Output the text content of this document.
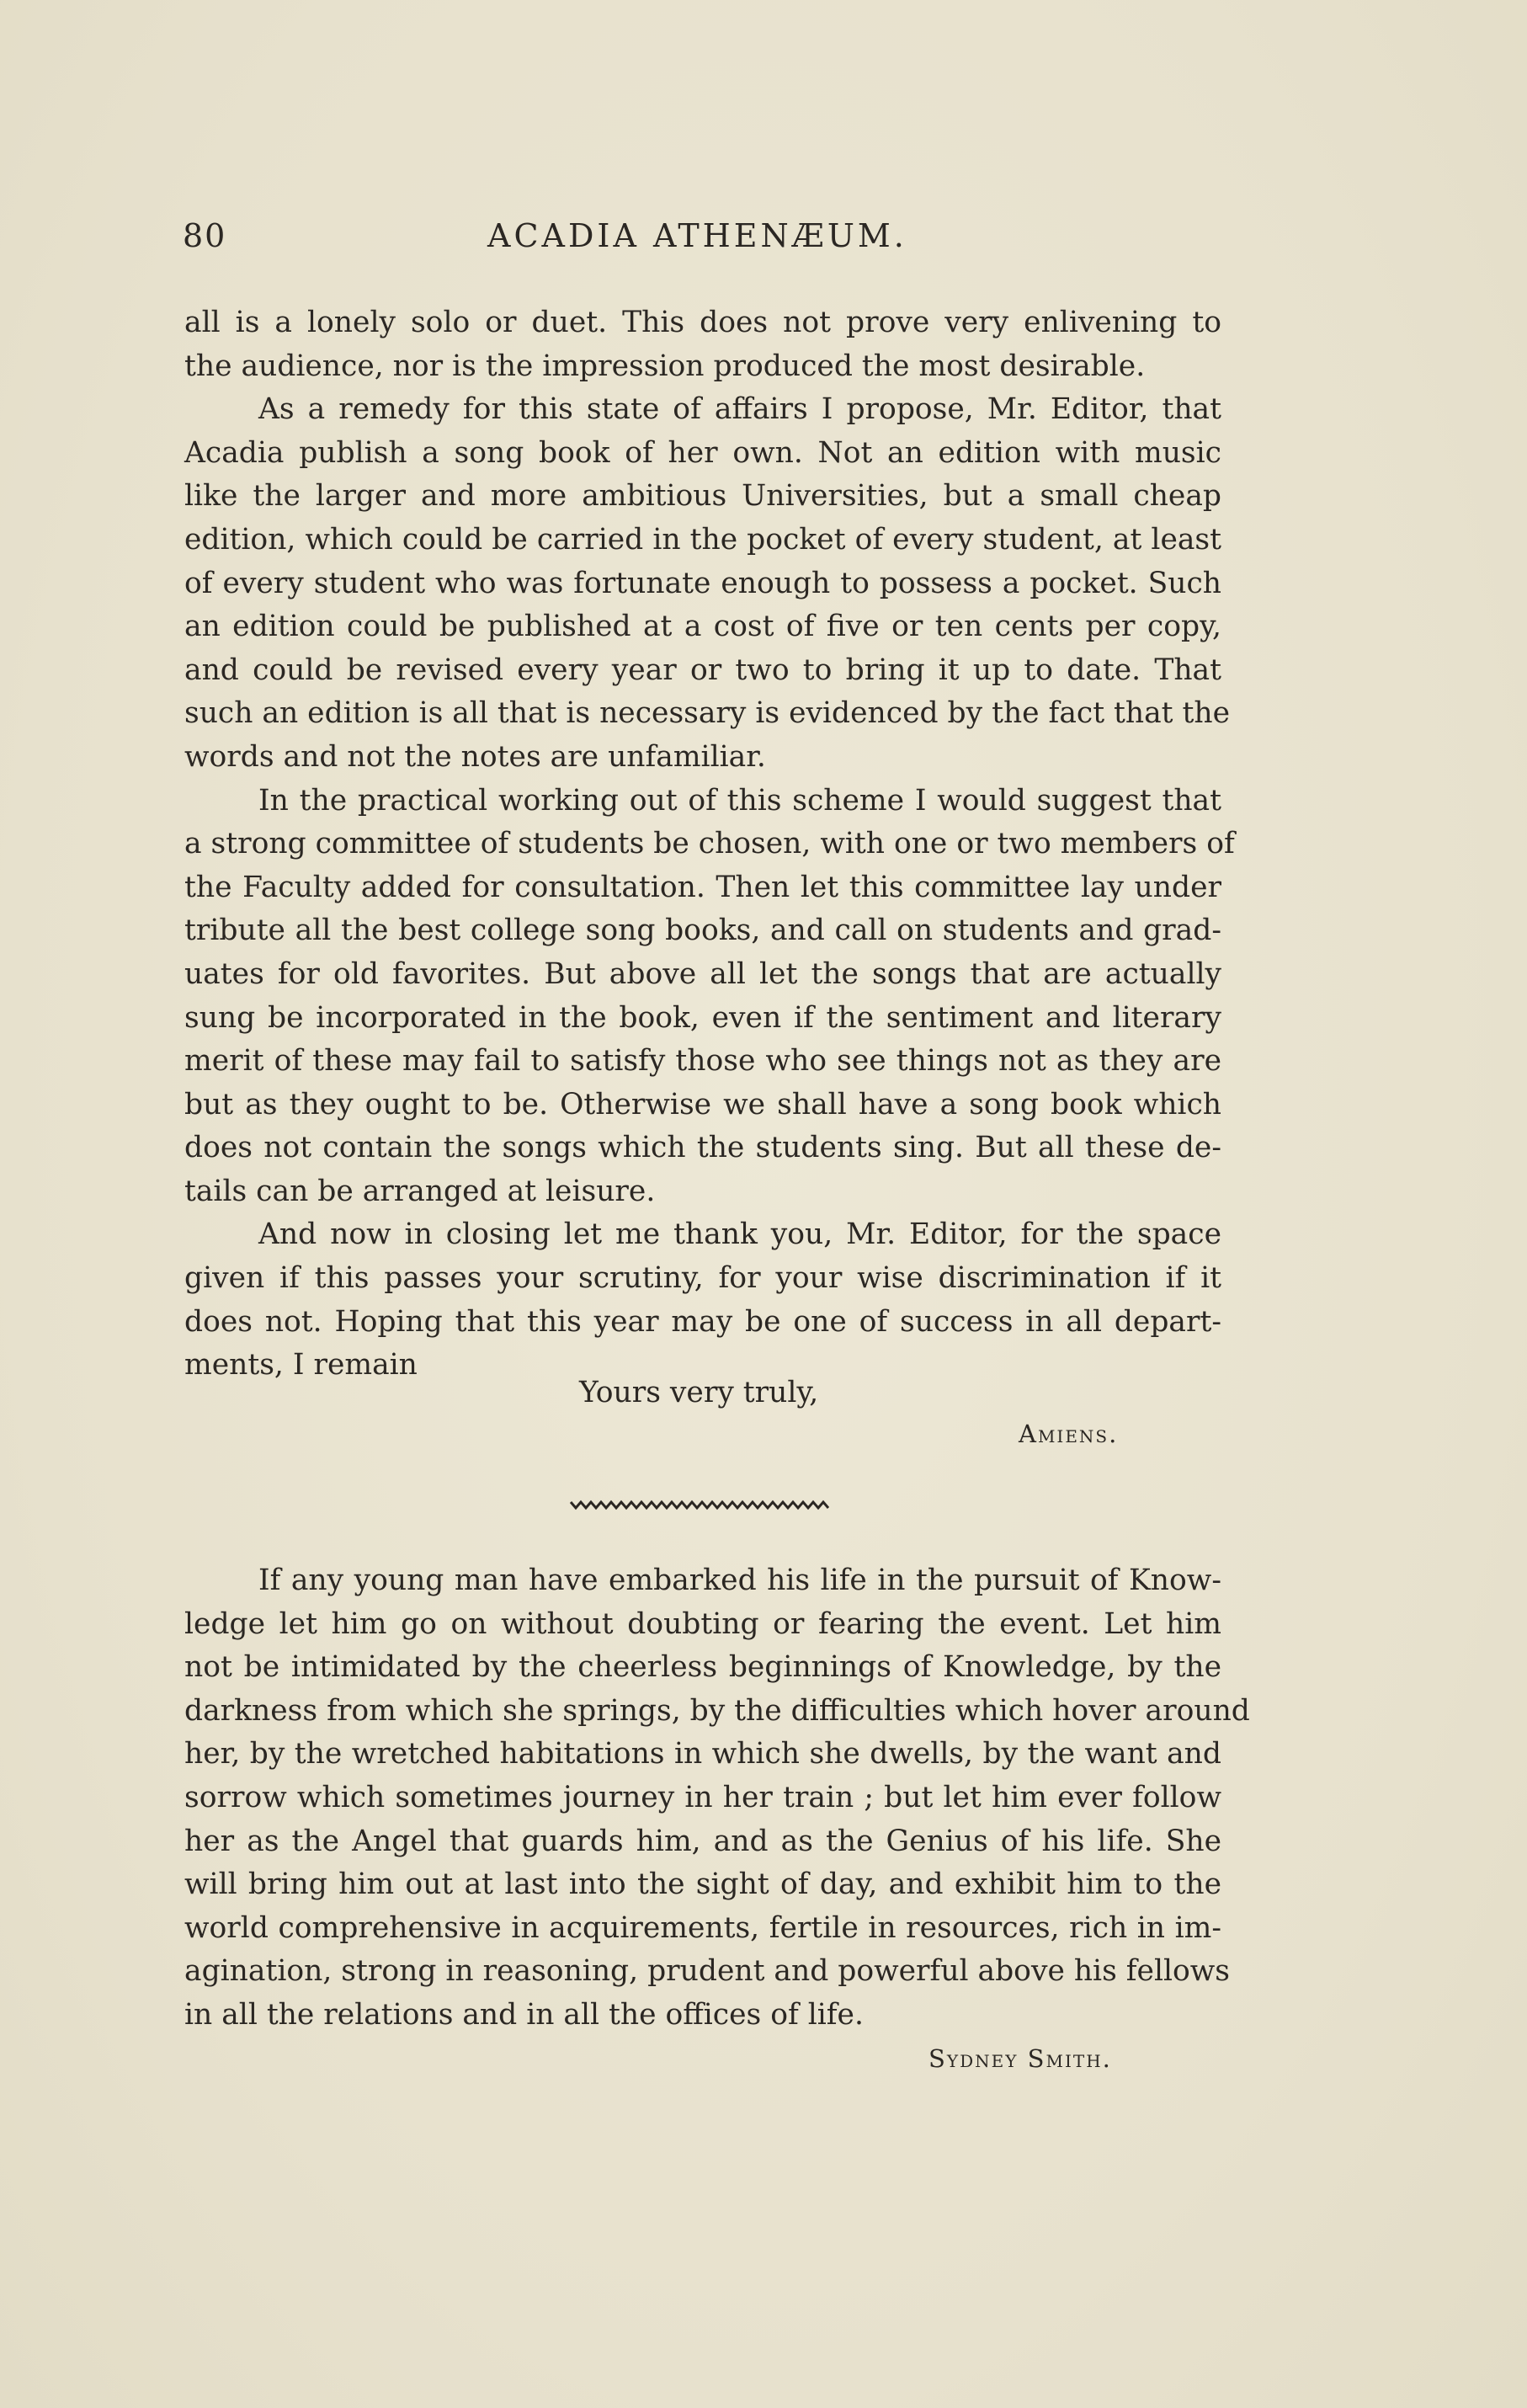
80	ACADIA ATHENÆUM.
all is a lonely solo or duet. This does not prove very enlivening to
the audience, nor is the impression produced the most desirable.
As a remedy for this state of affairs I propose, Mr. Editor, that
Acadia publish a song book of her own. Not an edition with music
like the larger and more ambitious Universities, but a small cheap
edition, which could be carried in the pocket of every student, at least
of every student who was fortunate enough to possess a pocket. Such
an edition could be published at a cost of five or ten cents per copy,
and could be revised every year or two to bring it up to date. That
such an edition is all that is necessary is evidenced by the fact that the
words and not the notes are unfamiliar.
In the practical working out of this scheme I would suggest that
a strong committee of students be chosen, with one or two members of
the Faculty added for consultation. Then let this committee lay under
tribute all the best college song books, and call on students and grad-
uates for old favorites. But above all let the songs that are actually
sung be incorporated in the book, even if the sentiment and literary
merit of these may fail to satisfy those who see things not as they are
but as they ought to be. Otherwise we shall have a song book which
does not contain the songs which the students sing. But all these de-
tails can be arranged at leisure.
And now in closing let me thank you, Mr. Editor, for the space
given if this passes your scrutiny, for your wise discrimination if it
does not. Hoping that this year may be one of success in all depart-
ments, I remain
Yours very truly,
Amiens.
If any young man have embarked his life in the pursuit of Know-
ledge let him go on without doubting or fearing the event. Let him
not be intimidated by the cheerless beginnings of Knowledge, by the
darkness from which she springs, by the difficulties which hover around
her, by the wretched habitations in which she dwells, by the want and
sorrow which sometimes journey in her train ; but let him ever follow
her as the Angel that guards him, and as the Genius of his life. She
will bring him out at last into the sight of day, and exhibit him to the
world comprehensive in acquirements, fertile in resources, rich in im-
agination, strong in reasoning, prudent and powerful above his fellows
in all the relations and in all the offices of life.
Sydney Smith.
